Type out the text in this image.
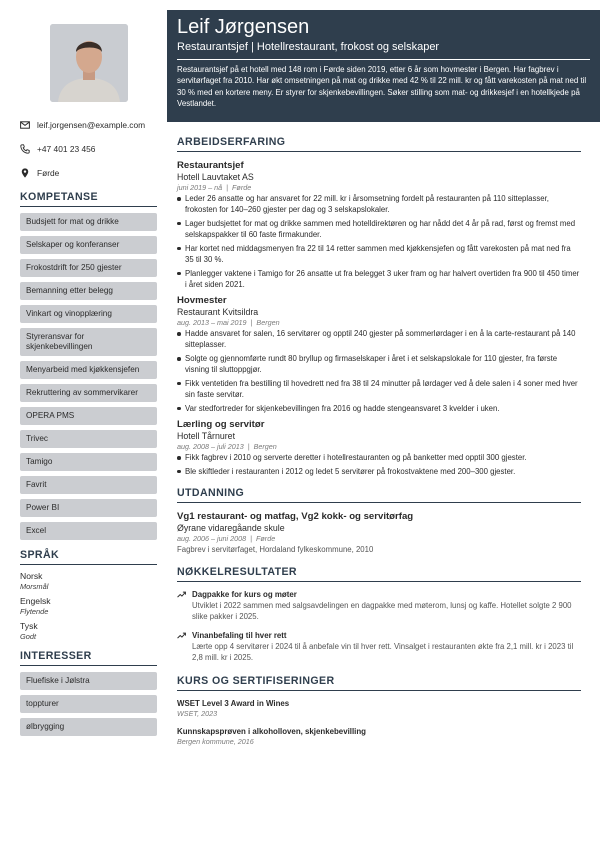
leif.jorgensen@example.com
+47 401 23 456
Førde
KOMPETANSE
Budsjett for mat og drikke
Selskaper og konferanser
Frokostdrift for 250 gjester
Bemanning etter belegg
Vinkart og vinopplæring
Styreransvar for skjenkebevillingen
Menyarbeid med kjøkkensjefen
Rekruttering av sommervikarer
OPERA PMS
Trivec
Tamigo
Favrit
Power BI
Excel
SPRÅK
Norsk
Morsmål
Engelsk
Flytende
Tysk
Godt
INTERESSER
Fluefiske i Jølstra
toppturer
ølbrygging
Leif Jørgensen
Restaurantsjef | Hotellrestaurant, frokost og selskaper
Restaurantsjef på et hotell med 148 rom i Førde siden 2019, etter 6 år som hovmester i Bergen. Har fagbrev i servitørfaget fra 2010. Har økt omsetningen på mat og drikke med 42 % til 22 mill. kr og fått varekosten på mat ned til 30 % med en kortere meny. Er styrer for skjenkebevillingen. Søker stilling som mat- og drikkesjef i en hotellkjede på Vestlandet.
ARBEIDSERFARING
Restaurantsjef
Hotell Lauvtaket AS
juni 2019 – nå | Førde
Leder 26 ansatte og har ansvaret for 22 mill. kr i årsomsetning fordelt på restauranten på 110 sitteplasser, frokosten for 140–260 gjester per dag og 3 selskapslokaler.
Lager budsjettet for mat og drikke sammen med hotelldirektøren og har nådd det 4 år på rad, først og fremst med selskapspakker til 60 faste firmakunder.
Har kortet ned middagsmenyen fra 22 til 14 retter sammen med kjøkkensjefen og fått varekosten på mat ned fra 35 til 30 %.
Planlegger vaktene i Tamigo for 26 ansatte ut fra belegget 3 uker fram og har halvert overtiden fra 900 til 450 timer i året siden 2021.
Hovmester
Restaurant Kvitsildra
aug. 2013 – mai 2019 | Bergen
Hadde ansvaret for salen, 16 servitører og opptil 240 gjester på sommerlørdager i en å la carte-restaurant på 140 sitteplasser.
Solgte og gjennomførte rundt 80 bryllup og firmaselskaper i året i et selskapslokale for 110 gjester, fra første visning til sluttoppgjør.
Fikk ventetiden fra bestilling til hovedrett ned fra 38 til 24 minutter på lørdager ved å dele salen i 4 soner med hver sin faste servitør.
Var stedfortreder for skjenkebevillingen fra 2016 og hadde stengeansvaret 3 kvelder i uken.
Lærling og servitør
Hotell Tårnuret
aug. 2008 – juli 2013 | Bergen
Fikk fagbrev i 2010 og serverte deretter i hotellrestauranten og på banketter med opptil 300 gjester.
Ble skiftleder i restauranten i 2012 og ledet 5 servitører på frokostvaktene med 200–300 gjester.
UTDANNING
Vg1 restaurant- og matfag, Vg2 kokk- og servitørfag
Øyrane vidaregåande skule
aug. 2006 – juni 2008 | Førde
Fagbrev i servitørfaget, Hordaland fylkeskommune, 2010
NØKKELRESULTATER
Dagpakke for kurs og møter
Utviklet i 2022 sammen med salgsavdelingen en dagpakke med møterom, lunsj og kaffe. Hotellet solgte 2 900 slike pakker i 2025.
Vinanbefaling til hver rett
Lærte opp 4 servitører i 2024 til å anbefale vin til hver rett. Vinsalget i restauranten økte fra 2,1 mill. kr i 2023 til 2,8 mill. kr i 2025.
KURS OG SERTIFISERINGER
WSET Level 3 Award in Wines
WSET, 2023
Kunnskapsprøven i alkoholloven, skjenkebevilling
Bergen kommune, 2016
